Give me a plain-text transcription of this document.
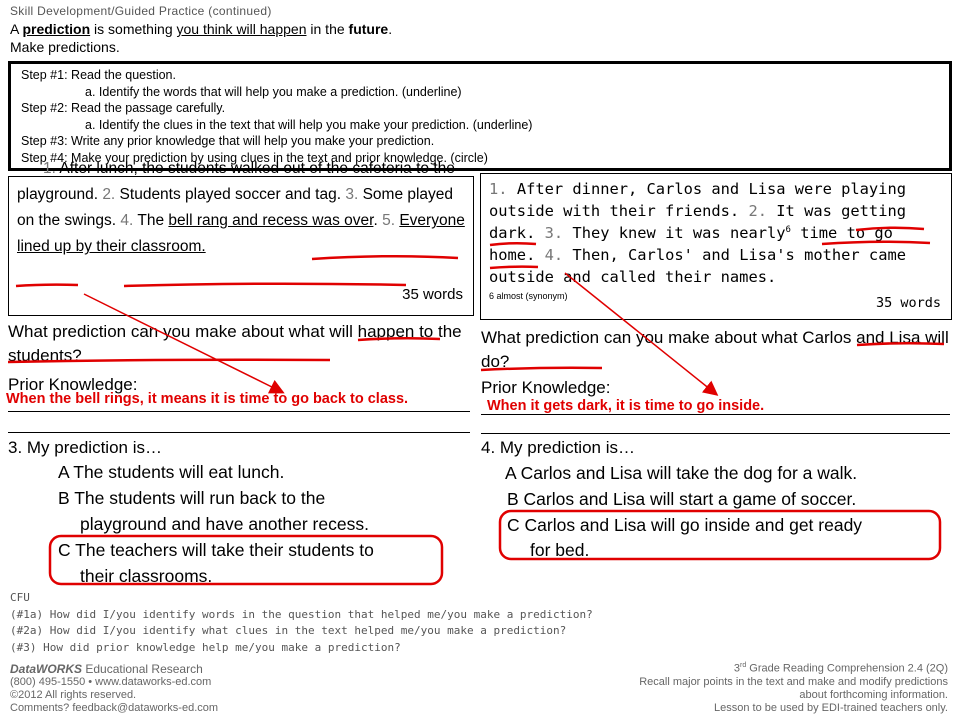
Skill Development/Guided Practice (continued)
A prediction is something you think will happen in the future.
Make predictions.
Step #1: Read the question.
a. Identify the words that will help you make a prediction. (underline)
Step #2: Read the passage carefully.
a. Identify the clues in the text that will help you make your prediction. (underline)
Step #3: Write any prior knowledge that will help you make your prediction.
Step #4: Make your prediction by using clues in the text and prior knowledge. (circle)
1. After lunch, the students walked out of the cafeteria to the playground. 2. Students played soccer and tag. 3. Some played on the swings. 4. The bell rang and recess was over. 5. Everyone lined up by their classroom.
35 words
1. After dinner, Carlos and Lisa were playing outside with their friends. 2. It was getting dark. 3. They knew it was nearly$^6$ time to go home. 4. Then, Carlos' and Lisa's mother came outside and called their names.
6 almost (synonym)	35 words
What prediction can you make about what will happen to the students?
Prior Knowledge:
When the bell rings, it means it is time to go back to class.
3. My prediction is…
A The students will eat lunch.
B The students will run back to the
playground and have another recess.
C The teachers will take their students to
their classrooms.
What prediction can you make about what Carlos and Lisa will do?
Prior Knowledge:
When it gets dark, it is time to go inside.
4. My prediction is…
A Carlos and Lisa will take the dog for a walk.
B Carlos and Lisa will start a game of soccer.
C Carlos and Lisa will go inside and get ready
for bed.
CFU
(#1a) How did I/you identify words in the question that helped me/you make a prediction?
(#2a) How did I/you identify what clues in the text helped me/you make a prediction?
(#3) How did prior knowledge help me/you make a prediction?
DataWORKS Educational Research
(800) 495-1550 • www.dataworks-ed.com
©2012 All rights reserved.
Comments? feedback@dataworks-ed.com
3rd Grade Reading Comprehension 2.4 (2Q)
Recall major points in the text and make and modify predictions
about forthcoming information.
Lesson to be used by EDI-trained teachers only.
